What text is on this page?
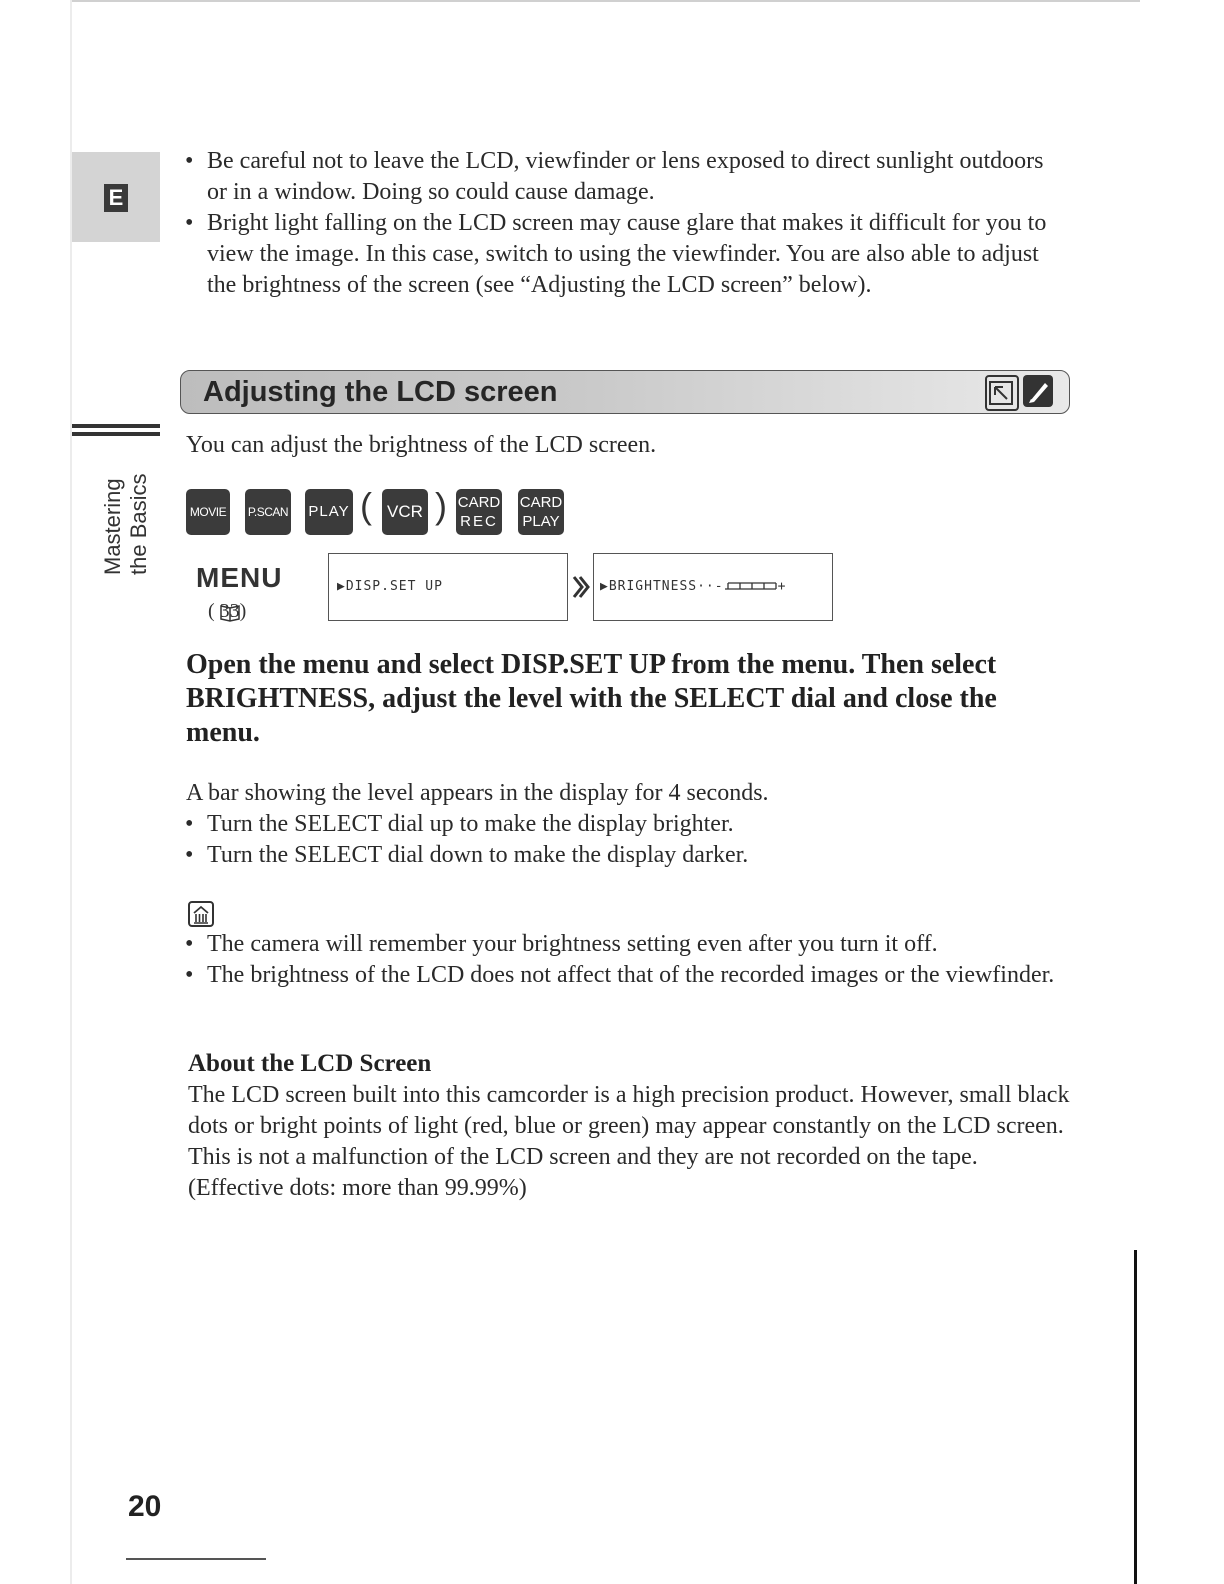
E
Mastering the Basics
• Be careful not to leave the LCD, viewfinder or lens exposed to direct sunlight outdoors or in a window. Doing so could cause damage.
• Bright light falling on the LCD screen may cause glare that makes it difficult for you to view the image. In this case, switch to using the viewfinder. You are also able to adjust the brightness of the screen (see “Adjusting the LCD screen” below).
Adjusting the LCD screen
You can adjust the brightness of the LCD screen.
MOVIE	P.SCAN PLAY ( VCR ) CARD
REC
CARD
PLAY
MENU
( 33)
▶DISP.SET UP	▶BRIGHTNESS··-	+
Open the menu and select DISP.SET UP from the menu. Then select BRIGHTNESS, adjust the level with the SELECT dial and close the menu.
A bar showing the level appears in the display for 4 seconds.
• Turn the SELECT dial up to make the display brighter.
• Turn the SELECT dial down to make the display darker.
• The camera will remember your brightness setting even after you turn it off.
• The brightness of the LCD does not affect that of the recorded images or the viewfinder.
About the LCD Screen
The LCD screen built into this camcorder is a high precision product. However, small black dots or bright points of light (red, blue or green) may appear constantly on the LCD screen. This is not a malfunction of the LCD screen and they are not recorded on the tape. (Effective dots: more than 99.99%)
20
